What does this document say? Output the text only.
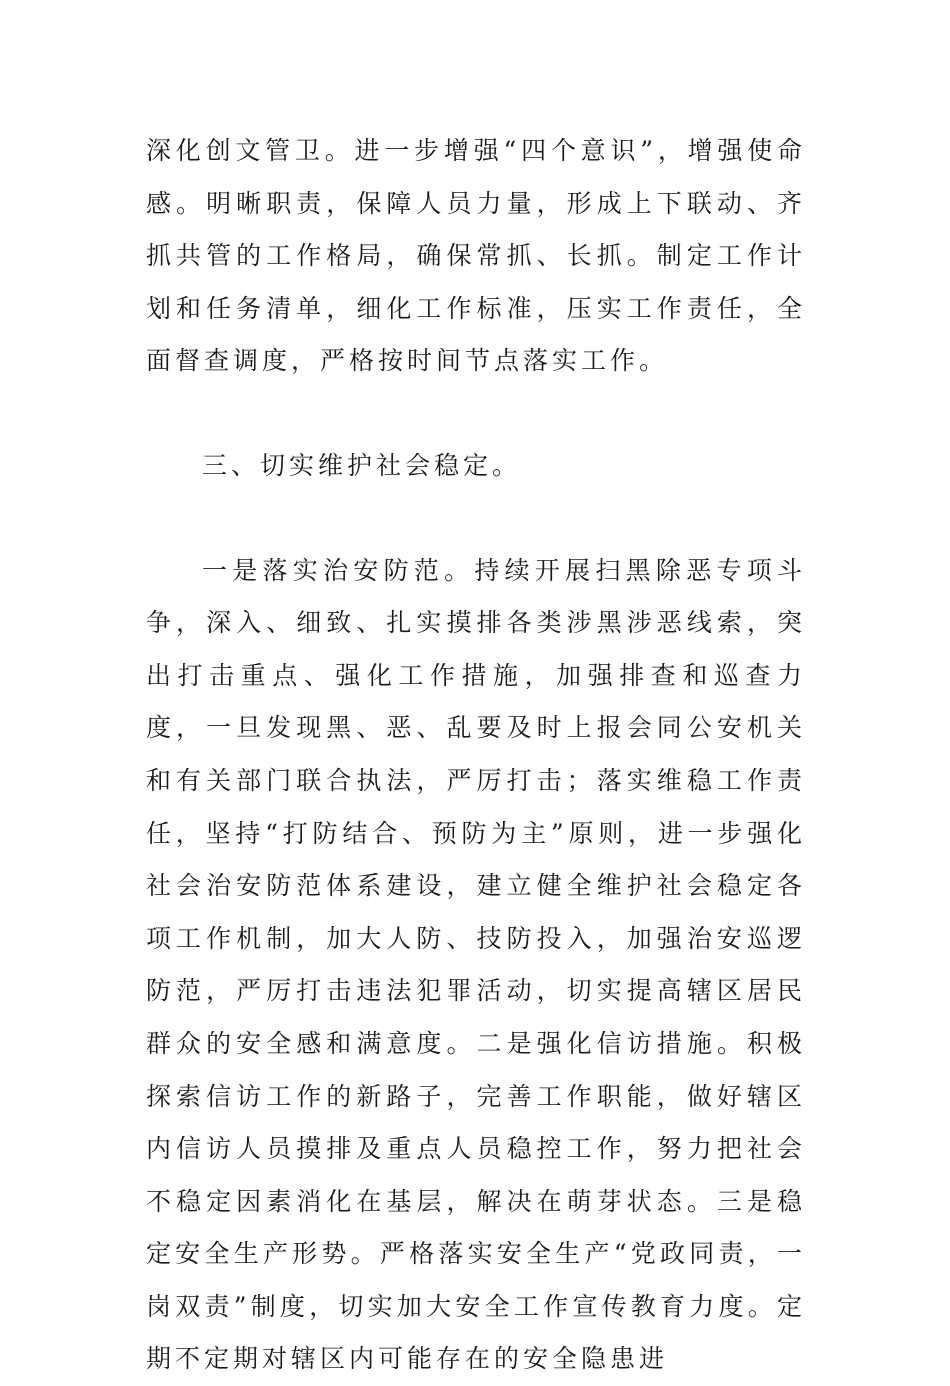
深化创文管卫。进一步增强“四个意识”，增强使命感。明晰职责，保障人员力量，形成上下联动、齐抓共管的工作格局，确保常抓、长抓。制定工作计划和任务清单，细化工作标准，压实工作责任，全面督查调度，严格按时间节点落实工作。

三、切实维护社会稳定。

一是落实治安防范。持续开展扫黑除恶专项斗争，深入、细致、扎实摸排各类涉黑涉恶线索，突出打击重点、强化工作措施，加强排查和巡查力度，一旦发现黑、恶、乱要及时上报会同公安机关和有关部门联合执法，严厉打击；落实维稳工作责任，坚持“打防结合、预防为主”原则，进一步强化社会治安防范体系建设，建立健全维护社会稳定各项工作机制，加大人防、技防投入，加强治安巡逻防范，严厉打击违法犯罪活动，切实提高辖区居民群众的安全感和满意度。二是强化信访措施。积极探索信访工作的新路子，完善工作职能，做好辖区内信访人员摸排及重点人员稳控工作，努力把社会不稳定因素消化在基层，解决在萌芽状态。三是稳定安全生产形势。严格落实安全生产“党政同责，一岗双责”制度，切实加大安全工作宣传教育力度。定期不定期对辖区内可能存在的安全隐患进
